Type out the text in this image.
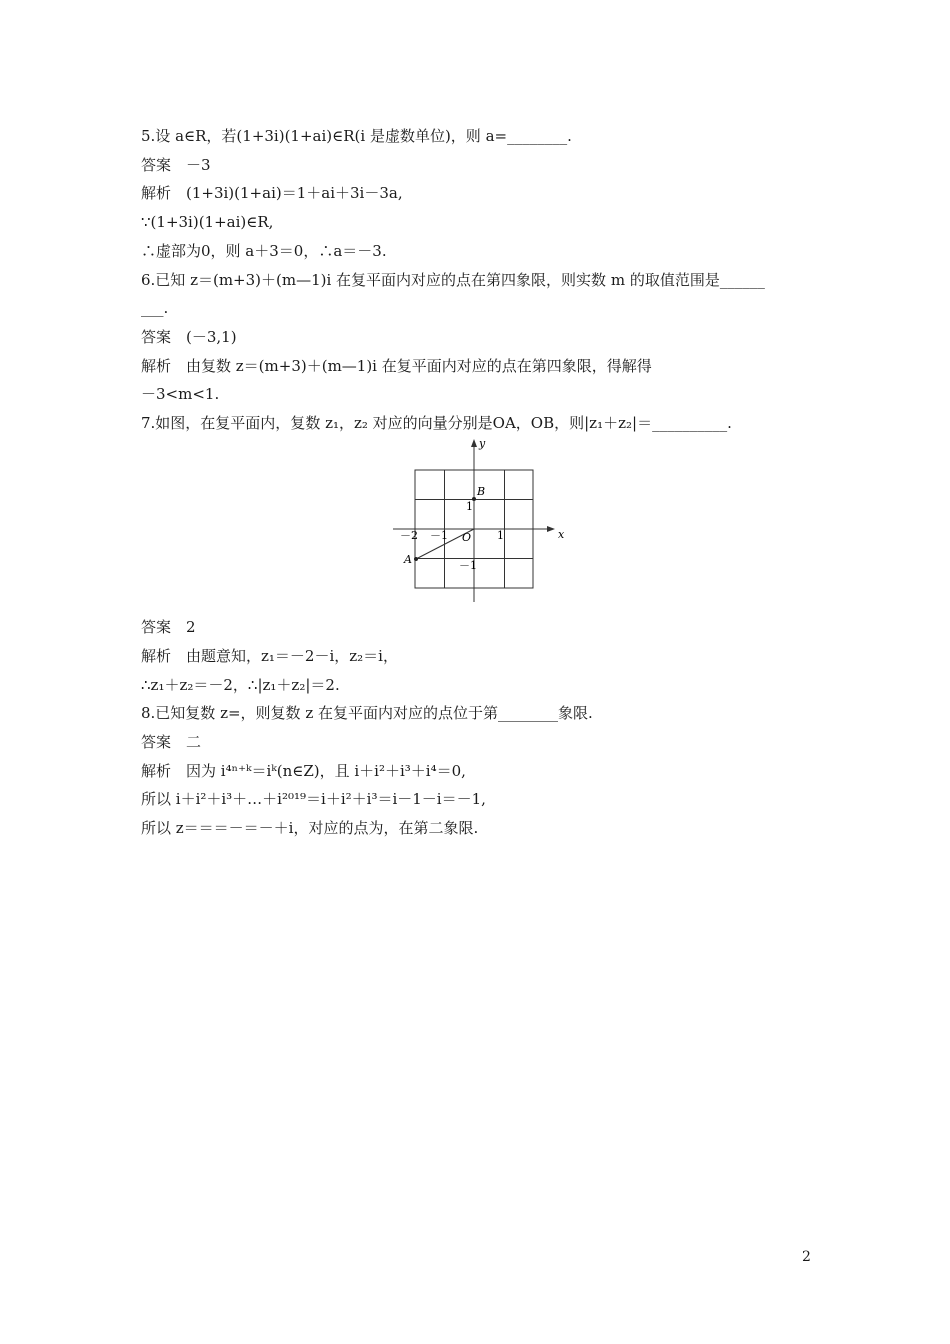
5.设 a∈R，若(1+3i)(1+ai)∈R(i 是虚数单位)，则 a=________.
答案　－3
解析　(1+3i)(1+ai)＝1＋ai＋3i－3a,
∵(1+3i)(1+ai)∈R,
∴虚部为0，则 a＋3＝0，∴a＝－3.
6.已知 z＝(m+3)＋(m—1)i 在复平面内对应的点在第四象限，则实数 m 的取值范围是______
___.
答案　(－3,1)
解析　由复数 z＝(m+3)＋(m—1)i 在复平面内对应的点在第四象限，得解得
－3<m<1.
7.如图，在复平面内，复数 z₁，z₂ 对应的向量分别是OA，OB，则|z₁＋z₂|＝__________.
x
y
O
A
B
－2 －1	1
1
－1
答案　2
解析　由题意知，z₁＝－2－i，z₂＝i，
∴z₁＋z₂＝－2，∴|z₁＋z₂|＝2.
8.已知复数 z=，则复数 z 在复平面内对应的点位于第________象限.
答案　二
解析　因为 i⁴ⁿ⁺ᵏ＝iᵏ(n∈Z)，且 i＋i²＋i³＋i⁴＝0,
所以 i＋i²＋i³＋…＋i²⁰¹⁹＝i＋i²＋i³＝i－1－i＝－1,
所以 z＝＝＝－＝－＋i，对应的点为，在第二象限.
2
